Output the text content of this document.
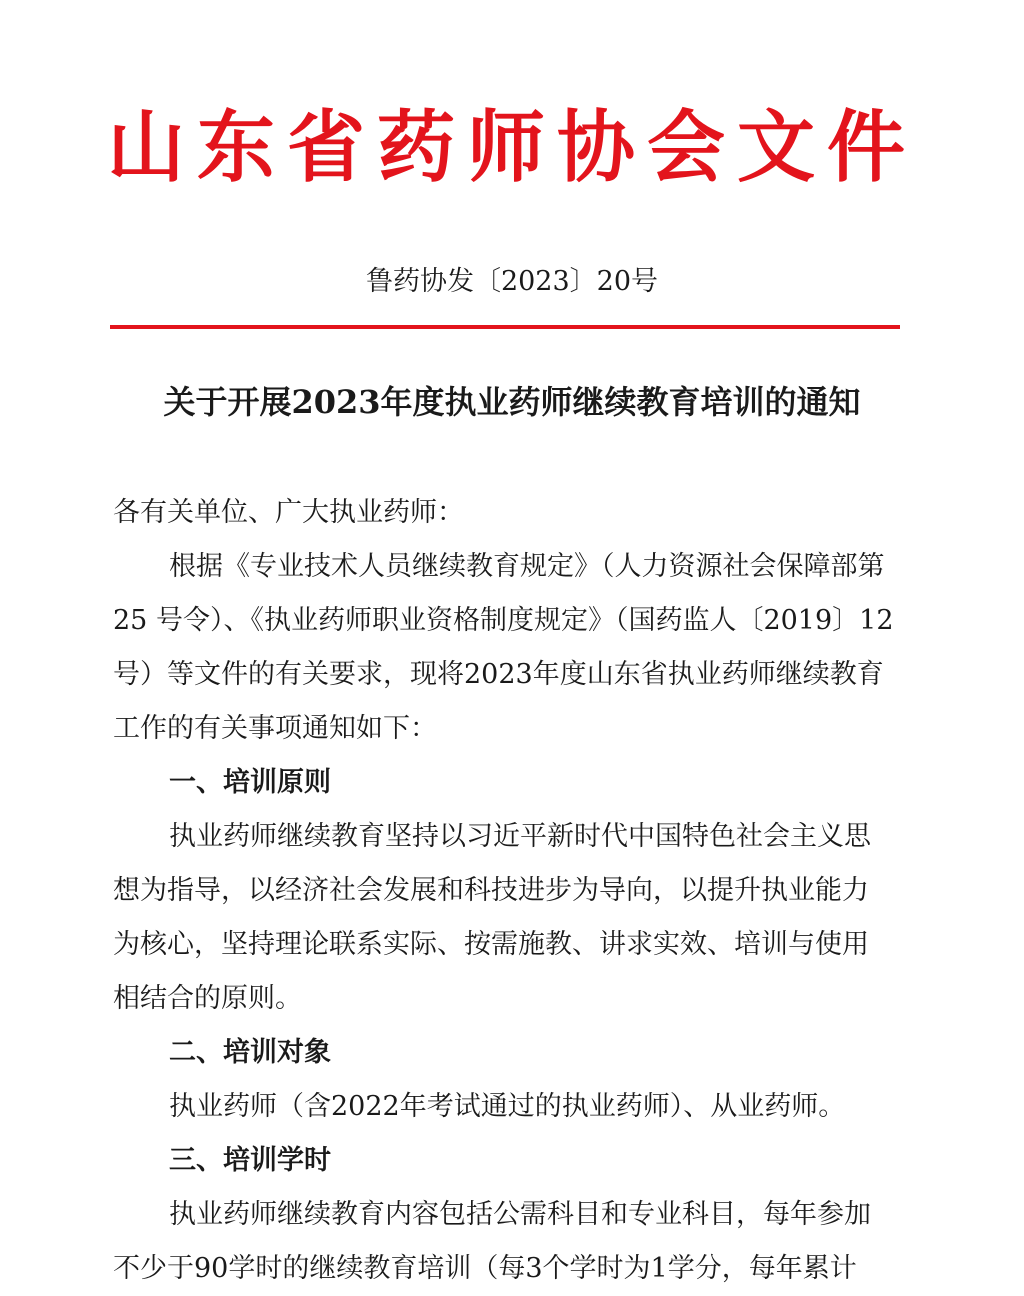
山东省药师协会文件
鲁药协发〔2023〕20号
关于开展2023年度执业药师继续教育培训的通知
各有关单位、广大执业药师：
根据《专业技术人员继续教育规定》（人力资源社会保障部第
25 号令）、《执业药师职业资格制度规定》（国药监人〔2019〕12
号）等文件的有关要求，现将2023年度山东省执业药师继续教育
工作的有关事项通知如下：
一、培训原则
执业药师继续教育坚持以习近平新时代中国特色社会主义思
想为指导，以经济社会发展和科技进步为导向，以提升执业能力
为核心，坚持理论联系实际、按需施教、讲求实效、培训与使用
相结合的原则。
二、培训对象
执业药师（含2022年考试通过的执业药师）、从业药师。
三、培训学时
执业药师继续教育内容包括公需科目和专业科目，每年参加
不少于90学时的继续教育培训（每3个学时为1学分，每年累计
